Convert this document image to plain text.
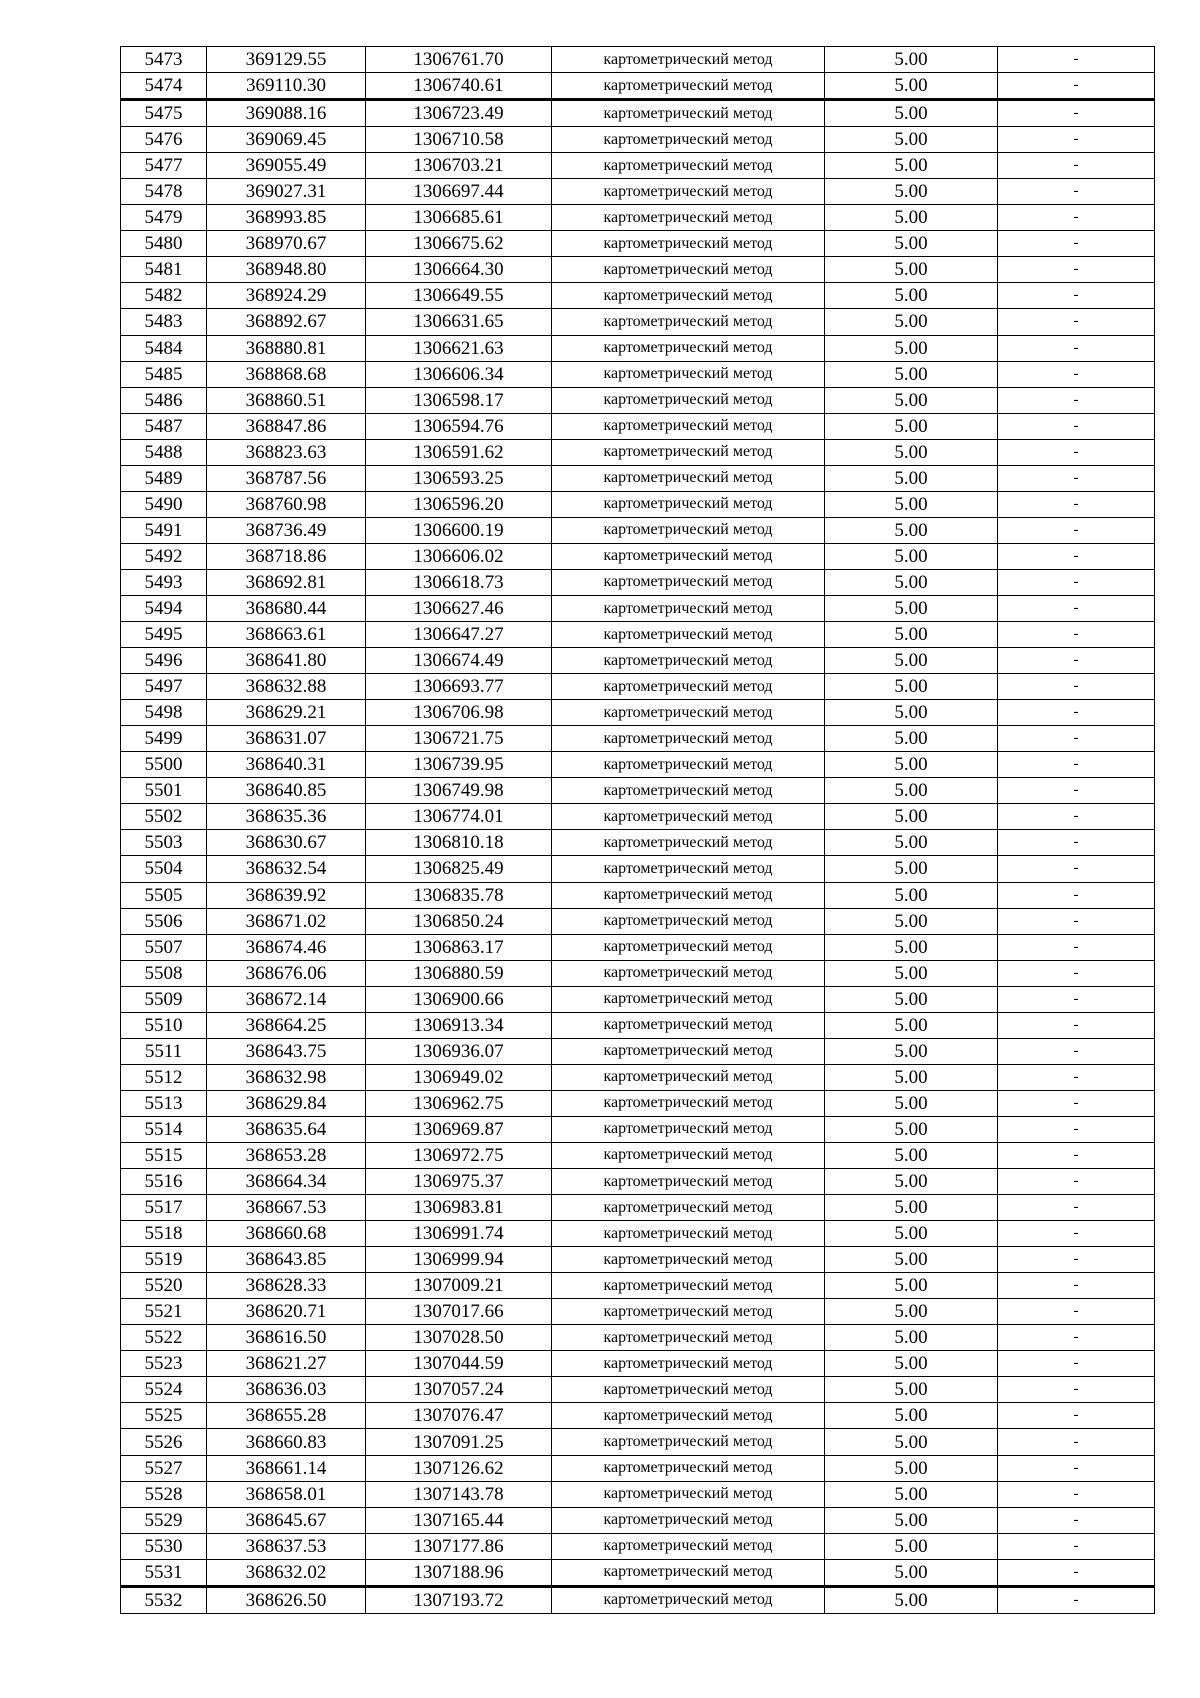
5473	369129.55	1306761.70	картометрический метод	5.00	-
5474	369110.30	1306740.61	картометрический метод	5.00	-
5475	369088.16	1306723.49	картометрический метод	5.00	-
5476	369069.45	1306710.58	картометрический метод	5.00	-
5477	369055.49	1306703.21	картометрический метод	5.00	-
5478	369027.31	1306697.44	картометрический метод	5.00	-
5479	368993.85	1306685.61	картометрический метод	5.00	-
5480	368970.67	1306675.62	картометрический метод	5.00	-
5481	368948.80	1306664.30	картометрический метод	5.00	-
5482	368924.29	1306649.55	картометрический метод	5.00	-
5483	368892.67	1306631.65	картометрический метод	5.00	-
5484	368880.81	1306621.63	картометрический метод	5.00	-
5485	368868.68	1306606.34	картометрический метод	5.00	-
5486	368860.51	1306598.17	картометрический метод	5.00	-
5487	368847.86	1306594.76	картометрический метод	5.00	-
5488	368823.63	1306591.62	картометрический метод	5.00	-
5489	368787.56	1306593.25	картометрический метод	5.00	-
5490	368760.98	1306596.20	картометрический метод	5.00	-
5491	368736.49	1306600.19	картометрический метод	5.00	-
5492	368718.86	1306606.02	картометрический метод	5.00	-
5493	368692.81	1306618.73	картометрический метод	5.00	-
5494	368680.44	1306627.46	картометрический метод	5.00	-
5495	368663.61	1306647.27	картометрический метод	5.00	-
5496	368641.80	1306674.49	картометрический метод	5.00	-
5497	368632.88	1306693.77	картометрический метод	5.00	-
5498	368629.21	1306706.98	картометрический метод	5.00	-
5499	368631.07	1306721.75	картометрический метод	5.00	-
5500	368640.31	1306739.95	картометрический метод	5.00	-
5501	368640.85	1306749.98	картометрический метод	5.00	-
5502	368635.36	1306774.01	картометрический метод	5.00	-
5503	368630.67	1306810.18	картометрический метод	5.00	-
5504	368632.54	1306825.49	картометрический метод	5.00	-
5505	368639.92	1306835.78	картометрический метод	5.00	-
5506	368671.02	1306850.24	картометрический метод	5.00	-
5507	368674.46	1306863.17	картометрический метод	5.00	-
5508	368676.06	1306880.59	картометрический метод	5.00	-
5509	368672.14	1306900.66	картометрический метод	5.00	-
5510	368664.25	1306913.34	картометрический метод	5.00	-
5511	368643.75	1306936.07	картометрический метод	5.00	-
5512	368632.98	1306949.02	картометрический метод	5.00	-
5513	368629.84	1306962.75	картометрический метод	5.00	-
5514	368635.64	1306969.87	картометрический метод	5.00	-
5515	368653.28	1306972.75	картометрический метод	5.00	-
5516	368664.34	1306975.37	картометрический метод	5.00	-
5517	368667.53	1306983.81	картометрический метод	5.00	-
5518	368660.68	1306991.74	картометрический метод	5.00	-
5519	368643.85	1306999.94	картометрический метод	5.00	-
5520	368628.33	1307009.21	картометрический метод	5.00	-
5521	368620.71	1307017.66	картометрический метод	5.00	-
5522	368616.50	1307028.50	картометрический метод	5.00	-
5523	368621.27	1307044.59	картометрический метод	5.00	-
5524	368636.03	1307057.24	картометрический метод	5.00	-
5525	368655.28	1307076.47	картометрический метод	5.00	-
5526	368660.83	1307091.25	картометрический метод	5.00	-
5527	368661.14	1307126.62	картометрический метод	5.00	-
5528	368658.01	1307143.78	картометрический метод	5.00	-
5529	368645.67	1307165.44	картометрический метод	5.00	-
5530	368637.53	1307177.86	картометрический метод	5.00	-
5531	368632.02	1307188.96	картометрический метод	5.00	-
5532	368626.50	1307193.72	картометрический метод	5.00	-
